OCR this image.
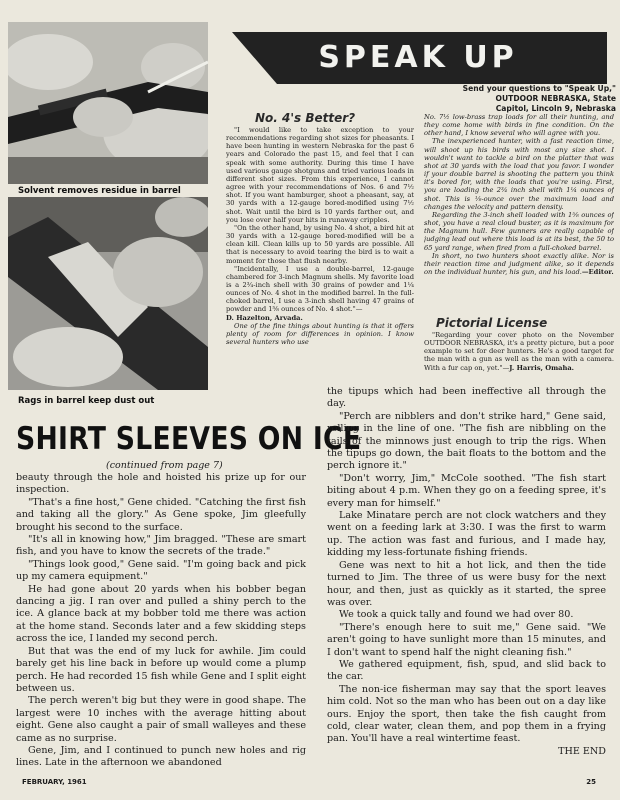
Solvent removes residue in barrel
Rags in barrel keep dust out
SPEAK UP
Send your questions to "Speak Up,"
OUTDOOR NEBRASKA, State
Capitol, Lincoln 9, Nebraska
No. 4's Better?

"I would like to take exception to your recommendations regarding shot sizes for pheasants. I have been hunting in western Nebraska for the past 6 years and Colorado the past 15, and feel that I can speak with some authority. During this time I have used various gauge shotguns and tried various loads in different shot sizes. From this experience, I cannot agree with your recommendations of Nos. 6 and 7½ shot. If you want hamburger, shoot a pheasant, say, at 30 yards with a 12-gauge bored-modified using 7½ shot. Wait until the bird is 10 yards farther out, and you lose over half your hits in runaway cripples.

"On the other hand, by using No. 4 shot, a bird hit at 30 yards with a 12-gauge bored-modified will be a clean kill. Clean kills up to 50 yards are possible. All that is necessary to avoid tearing the bird is to wait a moment for those that flush nearby.

"Incidentally, I use a double-barrel, 12-gauge chambered for 3-inch Magnum shells. My favorite load is a 2¾-inch shell with 30 grains of powder and 1¼ ounces of No. 4 shot in the modified barrel. In the full-choked barrel, I use a 3-inch shell having 47 grains of powder and 1⅝ ounces of No. 4 shot."—
D. Hazelton, Arvada.

One of the fine things about hunting is that it offers plenty of room for differences in opinion. I know several hunters who use

No. 7½ low-brass trap loads for all their hunting, and they come home with birds in fine condition. On the other hand, I know several who will agree with you.

The inexperienced hunter, with a fast reaction time, will shoot up his birds with most any size shot. I wouldn't want to tackle a bird on the platter that was shot at 30 yards with the load that you favor. I wonder if your double barrel is shooting the pattern you think it's bored for, with the loads that you're using. First, you are loading the 2¾ inch shell with 1¼ ounces of shot. This is ⅛-ounce over the maximum load and changes the velocity and pattern density.

Regarding the 3-inch shell loaded with 1⅝ ounces of shot, you have a real cloud buster, as it is maximum for the Magnum hull. Few gunners are really capable of judging lead out where this load is at its best, the 50 to 65 yard range, when fired from a full-choked barrel.

In short, no two hunters shoot exactly alike. Nor is their reaction time and judgment alike, so it depends on the individual hunter, his gun, and his load.—Editor.

Pictorial License

"Regarding your cover photo on the November OUTDOOR NEBRASKA, it's a pretty picture, but a poor example to set for deer hunters. He's a good target for the man with a gun as well as the man with a camera. With a fur cap on, yet."—J. Harris, Omaha.

SHIRT SLEEVES ON ICE
(continued from page 7)

beauty through the hole and hoisted his prize up for our inspection.

"That's a fine host," Gene chided. "Catching the first fish and taking all the glory." As Gene spoke, Jim gleefully brought his second to the surface.

"It's all in knowing how," Jim bragged. "These are smart fish, and you have to know the secrets of the trade."

"Things look good," Gene said. "I'm going back and pick up my camera equipment."

He had gone about 20 yards when his bobber began dancing a jig. I ran over and pulled a shiny perch to the ice. A glance back at my bobber told me there was action at the home stand. Seconds later and a few skidding steps across the ice, I landed my second perch.

But that was the end of my luck for awhile. Jim could barely get his line back in before up would come a plump perch. He had recorded 15 fish while Gene and I split eight between us.

The perch weren't big but they were in good shape. The largest were 10 inches with the average hitting about eight. Gene also caught a pair of small walleyes and these came as no surprise.

Gene, Jim, and I continued to punch new holes and rig lines. Late in the afternoon we abandoned

the tipups which had been ineffective all through the day.

"Perch are nibblers and don't strike hard," Gene said, rolling in the line of one. "The fish are nibbling on the tails of the minnows just enough to trip the rigs. When the tipups go down, the bait floats to the bottom and the perch ignore it."

"Don't worry, Jim," McCole soothed. "The fish start biting about 4 p.m. When they go on a feeding spree, it's every man for himself."

Lake Minatare perch are not clock watchers and they went on a feeding lark at 3:30. I was the first to warm up. The action was fast and furious, and I made hay, kidding my less-fortunate fishing friends.

Gene was next to hit a hot lick, and then the tide turned to Jim. The three of us were busy for the next hour, and then, just as quickly as it started, the spree was over.

We took a quick tally and found we had over 80.

"There's enough here to suit me," Gene said. "We aren't going to have sunlight more than 15 minutes, and I don't want to spend half the night cleaning fish."

We gathered equipment, fish, spud, and slid back to the car.

The non-ice fisherman may say that the sport leaves him cold. Not so the man who has been out on a day like ours. Enjoy the sport, then take the fish caught from cold, clear water, clean them, and pop them in a frying pan. You'll have a real wintertime feast.

THE END

FEBRUARY, 1961	25
